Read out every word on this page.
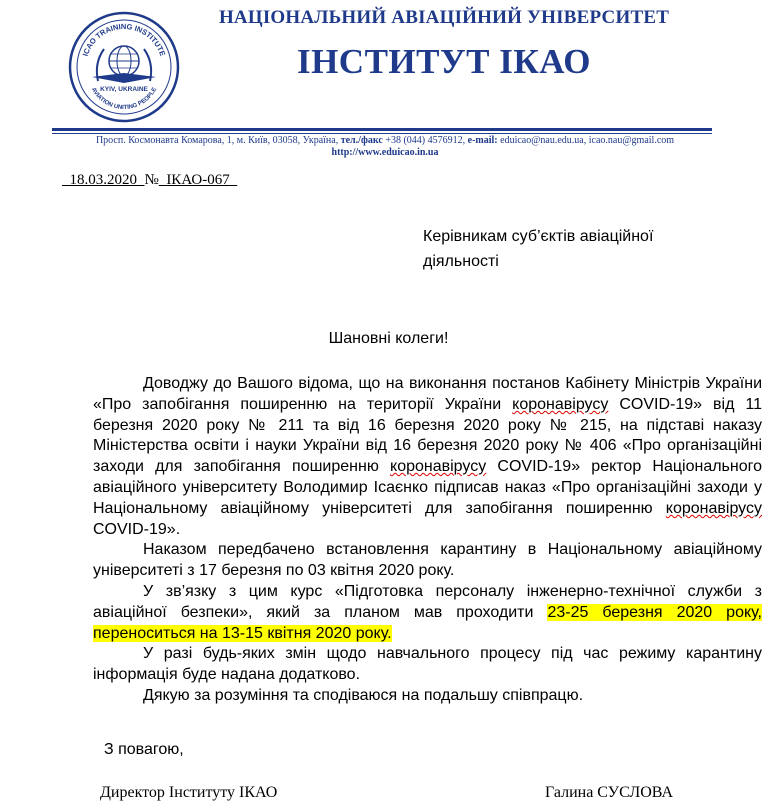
ICAO TRAINING INSTITUTE
AVIATION UNITING PEOPLE
KYIV, UKRAINE
НАЦІОНАЛЬНИЙ АВІАЦІЙНИЙ УНІВЕРСИТЕТ
ІНСТИТУТ ІКАО
Просп. Космонавта Комарова, 1, м. Київ, 03058, Україна, тел./факс +38 (044) 4576912, e-mail: eduicao@nau.edu.ua, icao.nau@gmail.com
http://www.eduicao.in.ua
18.03.2020 № ІКАО-067
Керівникам суб’єктів авіаційної
діяльності
Шановні колеги!

Доводжу до Вашого відома, що на виконання постанов Кабінету Міністрів України «Про запобігання поширенню на території України коронавірусу COVID-19» від 11 березня 2020 року № 211 та від 16 березня 2020 року № 215, на підставі наказу Міністерства освіти і науки України від 16 березня 2020 року № 406 «Про організаційні заходи для запобігання поширенню коронавірусу COVID-19» ректор Національного авіаційного університету Володимир Ісаєнко підписав наказ «Про організаційні заходи у Національному авіаційному університеті для запобігання поширенню коронавірусу COVID-19».

Наказом передбачено встановлення карантину в Національному авіаційному університеті з 17 березня по 03 квітня 2020 року.

У зв’язку з цим курс «Підготовка персоналу інженерно-технічної служби з авіаційної безпеки», який за планом мав проходити 23-25 березня 2020 року, переноситься на 13-15 квітня 2020 року.

У разі будь-яких змін щодо навчального процесу під час режиму карантину інформація буде надана додатково.

Дякую за розуміння та сподіваюся на подальшу співпрацю.

З повагою,
Директор Інституту ІКАО	Галина СУСЛОВА
